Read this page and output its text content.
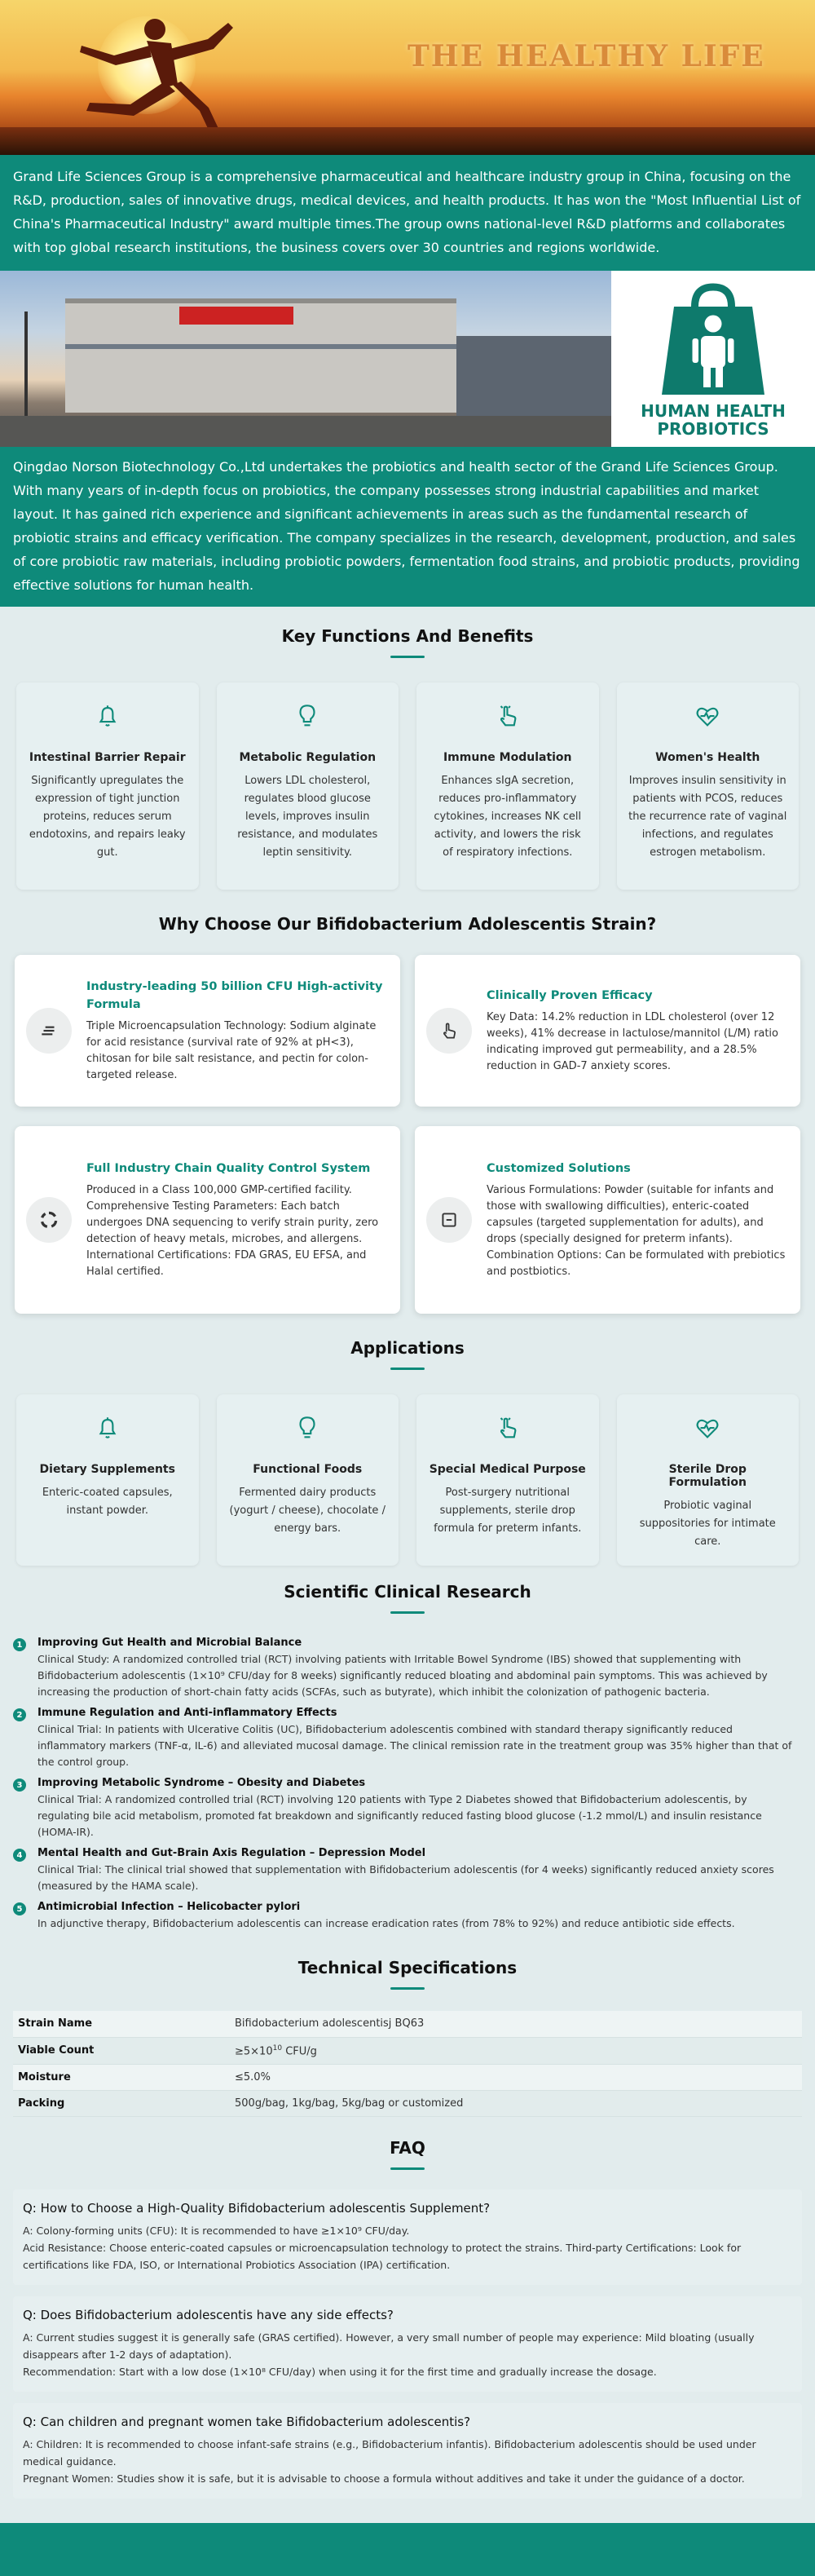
THE HEALTHY LIFE
Grand Life Sciences Group is a comprehensive pharmaceutical and healthcare industry group in China, focusing on the R&D, production, sales of innovative drugs, medical devices, and health products. It has won the "Most Influential List of China's Pharmaceutical Industry" award multiple times.The group owns national-level R&D platforms and collaborates with top global research institutions, the business covers over 30 countries and regions worldwide.
HUMAN HEALTH
PROBIOTICS
Qingdao Norson Biotechnology Co.,Ltd undertakes the probiotics and health sector of the Grand Life Sciences Group. With many years of in-depth focus on probiotics, the company possesses strong industrial capabilities and market layout. It has gained rich experience and significant achievements in areas such as the fundamental research of probiotic strains and efficacy verification. The company specializes in the research, development, production, and sales of core probiotic raw materials, including probiotic powders, fermentation food strains, and probiotic products, providing effective solutions for human health.
Key Functions And Benefits
Intestinal Barrier Repair

Significantly upregulates the expression of tight junction proteins, reduces serum endotoxins, and repairs leaky gut.

Metabolic Regulation

Lowers LDL cholesterol, regulates blood glucose levels, improves insulin resistance, and modulates leptin sensitivity.

Immune Modulation

Enhances sIgA secretion, reduces pro-inflammatory cytokines, increases NK cell activity, and lowers the risk of respiratory infections.

Women's Health

Improves insulin sensitivity in patients with PCOS, reduces the recurrence rate of vaginal infections, and regulates estrogen metabolism.

Why Choose Our Bifidobacterium Adolescentis Strain?
Industry-leading 50 billion CFU High-activity Formula

Triple Microencapsulation Technology: Sodium alginate for acid resistance (survival rate of 92% at pH<3), chitosan for bile salt resistance, and pectin for colon-targeted release.

Clinically Proven Efficacy

Key Data: 14.2% reduction in LDL cholesterol (over 12 weeks), 41% decrease in lactulose/mannitol (L/M) ratio indicating improved gut permeability, and a 28.5% reduction in GAD-7 anxiety scores.

Full Industry Chain Quality Control System

Produced in a Class 100,000 GMP-certified facility. Comprehensive Testing Parameters: Each batch undergoes DNA sequencing to verify strain purity, zero detection of heavy metals, microbes, and allergens. International Certifications: FDA GRAS, EU EFSA, and Halal certified.

Customized Solutions

Various Formulations: Powder (suitable for infants and those with swallowing difficulties), enteric-coated capsules (targeted supplementation for adults), and drops (specially designed for preterm infants). Combination Options: Can be formulated with prebiotics and postbiotics.

Applications
Dietary Supplements

Enteric-coated capsules, instant powder.

Functional Foods

Fermented dairy products (yogurt / cheese), chocolate / energy bars.

Special Medical Purpose

Post-surgery nutritional supplements, sterile drop formula for preterm infants.

Sterile Drop Formulation

Probiotic vaginal suppositories for intimate care.

Scientific Clinical Research
1	Improving Gut Health and Microbial Balance

Clinical Study: A randomized controlled trial (RCT) involving patients with Irritable Bowel Syndrome (IBS) showed that supplementing with Bifidobacterium adolescentis (1×10⁹ CFU/day for 8 weeks) significantly reduced bloating and abdominal pain symptoms. This was achieved by increasing the production of short-chain fatty acids (SCFAs, such as butyrate), which inhibit the colonization of pathogenic bacteria.

2	Immune Regulation and Anti-inflammatory Effects

Clinical Trial: In patients with Ulcerative Colitis (UC), Bifidobacterium adolescentis combined with standard therapy significantly reduced inflammatory markers (TNF-α, IL-6) and alleviated mucosal damage. The clinical remission rate in the treatment group was 35% higher than that of the control group.

3	Improving Metabolic Syndrome – Obesity and Diabetes

Clinical Trial: A randomized controlled trial (RCT) involving 120 patients with Type 2 Diabetes showed that Bifidobacterium adolescentis, by regulating bile acid metabolism, promoted fat breakdown and significantly reduced fasting blood glucose (-1.2 mmol/L) and insulin resistance (HOMA-IR).

4	Mental Health and Gut-Brain Axis Regulation – Depression Model

Clinical Trial: The clinical trial showed that supplementation with Bifidobacterium adolescentis (for 4 weeks) significantly reduced anxiety scores (measured by the HAMA scale).

5	Antimicrobial Infection – Helicobacter pylori

In adjunctive therapy, Bifidobacterium adolescentis can increase eradication rates (from 78% to 92%) and reduce antibiotic side effects.

Technical Specifications
Strain Name	Bifidobacterium adolescentisj BQ63
Viable Count	$\ge 5\times 10^{10}$ CFU/g
Moisture	≤5.0%
Packing	500g/bag, 1kg/bag, 5kg/bag or customized
FAQ
Q: How to Choose a High-Quality Bifidobacterium adolescentis Supplement?
A: Colony-forming units (CFU): It is recommended to have ≥1×10⁹ CFU/day.
Acid Resistance: Choose enteric-coated capsules or microencapsulation technology to protect the strains. Third-party Certifications: Look for certifications like FDA, ISO, or International Probiotics Association (IPA) certification.
Q: Does Bifidobacterium adolescentis have any side effects?
A: Current studies suggest it is generally safe (GRAS certified). However, a very small number of people may experience: Mild bloating (usually disappears after 1-2 days of adaptation).
Recommendation: Start with a low dose (1×10⁸ CFU/day) when using it for the first time and gradually increase the dosage.
Q: Can children and pregnant women take Bifidobacterium adolescentis?
A: Children: It is recommended to choose infant-safe strains (e.g., Bifidobacterium infantis). Bifidobacterium adolescentis should be used under medical guidance.
Pregnant Women: Studies show it is safe, but it is advisable to choose a formula without additives and take it under the guidance of a doctor.
